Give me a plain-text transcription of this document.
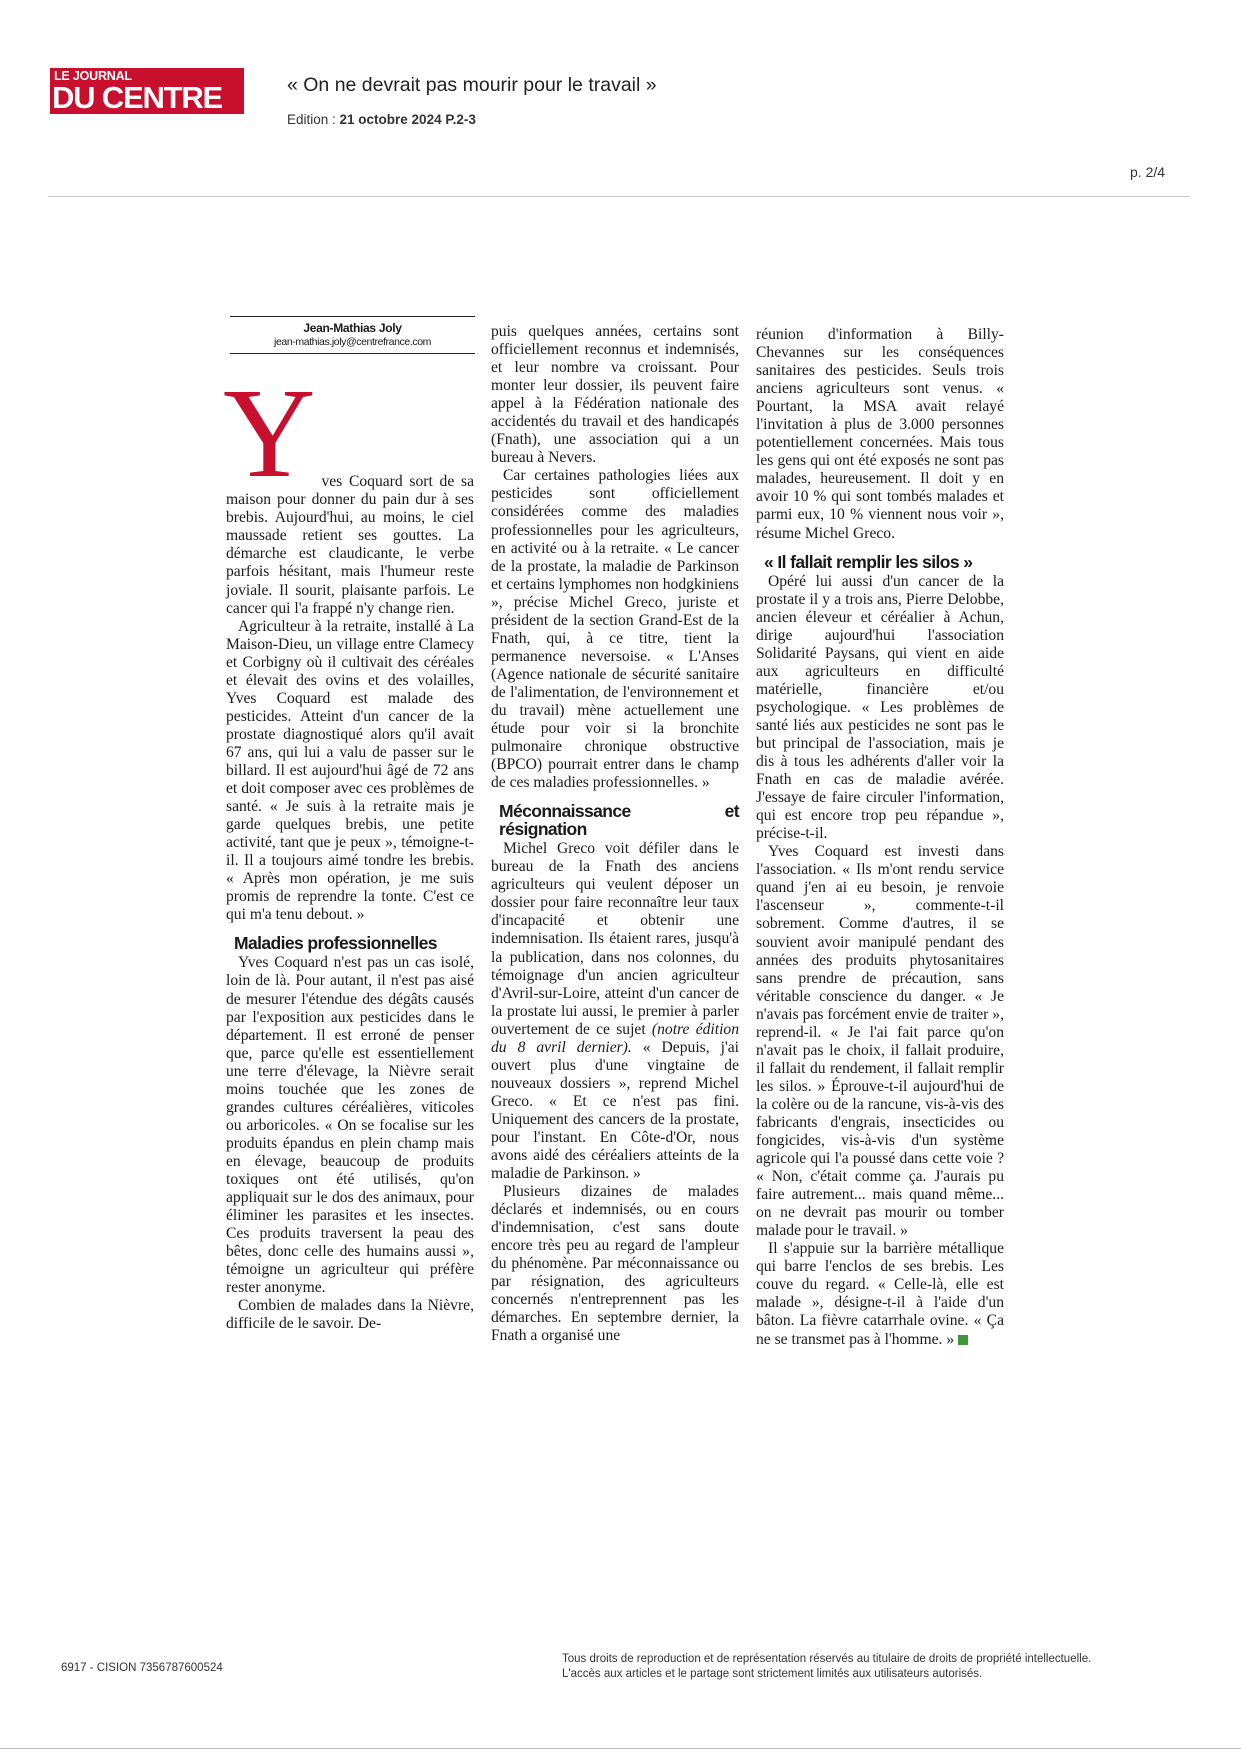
LE JOURNAL
DU CENTRE	« On ne devrait pas mourir pour le travail »
Edition : 21 octobre 2024 P.2-3
p. 2/4
Jean-Mathias Joly
jean-mathias.joly@centrefrance.com

Yves Coquard sort de sa maison pour donner du pain dur à ses brebis. Aujourd'hui, au moins, le ciel maussade retient ses gouttes. La démarche est claudicante, le verbe parfois hésitant, mais l'humeur reste joviale. Il sourit, plaisante parfois. Le cancer qui l'a frappé n'y change rien.

Agriculteur à la retraite, installé à La Maison-Dieu, un village entre Clamecy et Corbigny où il cultivait des céréales et élevait des ovins et des volailles, Yves Coquard est malade des pesticides. Atteint d'un cancer de la prostate diagnostiqué alors qu'il avait 67 ans, qui lui a valu de passer sur le billard. Il est aujourd'hui âgé de 72 ans et doit composer avec ces problèmes de santé. « Je suis à la retraite mais je garde quelques brebis, une petite activité, tant que je peux », témoigne-t-il. Il a toujours aimé tondre les brebis. « Après mon opération, je me suis promis de reprendre la tonte. C'est ce qui m'a tenu debout. »

Maladies professionnelles

Yves Coquard n'est pas un cas isolé, loin de là. Pour autant, il n'est pas aisé de mesurer l'étendue des dégâts causés par l'exposition aux pesticides dans le département. Il est erroné de penser que, parce qu'elle est essentiellement une terre d'élevage, la Nièvre serait moins touchée que les zones de grandes cultures céréalières, viticoles ou arboricoles. « On se focalise sur les produits épandus en plein champ mais en élevage, beaucoup de produits toxiques ont été utilisés, qu'on appliquait sur le dos des animaux, pour éliminer les parasites et les insectes. Ces produits traversent la peau des bêtes, donc celle des humains aussi », témoigne un agriculteur qui préfère rester anonyme.

Combien de malades dans la Nièvre, difficile de le savoir. De-

puis quelques années, certains sont officiellement reconnus et indemnisés, et leur nombre va croissant. Pour monter leur dossier, ils peuvent faire appel à la Fédération nationale des accidentés du travail et des handicapés (Fnath), une association qui a un bureau à Nevers.

Car certaines pathologies liées aux pesticides sont officiellement considérées comme des maladies professionnelles pour les agriculteurs, en activité ou à la retraite. « Le cancer de la prostate, la maladie de Parkinson et certains lymphomes non hodgkiniens », précise Michel Greco, juriste et président de la section Grand-Est de la Fnath, qui, à ce titre, tient la permanence neversoise. « L'Anses (Agence nationale de sécurité sanitaire de l'alimentation, de l'environnement et du travail) mène actuellement une étude pour voir si la bronchite pulmonaire chronique obstructive (BPCO) pourrait entrer dans le champ de ces maladies professionnelles. »

Méconnaissance et résignation

Michel Greco voit défiler dans le bureau de la Fnath des anciens agriculteurs qui veulent déposer un dossier pour faire reconnaître leur taux d'incapacité et obtenir une indemnisation. Ils étaient rares, jusqu'à la publication, dans nos colonnes, du témoignage d'un ancien agriculteur d'Avril-sur-Loire, atteint d'un cancer de la prostate lui aussi, le premier à parler ouvertement de ce sujet (notre édition du 8 avril dernier). « Depuis, j'ai ouvert plus d'une vingtaine de nouveaux dossiers », reprend Michel Greco. « Et ce n'est pas fini. Uniquement des cancers de la prostate, pour l'instant. En Côte-d'Or, nous avons aidé des céréaliers atteints de la maladie de Parkinson. »

Plusieurs dizaines de malades déclarés et indemnisés, ou en cours d'indemnisation, c'est sans doute encore très peu au regard de l'ampleur du phénomène. Par méconnaissance ou par résignation, des agriculteurs concernés n'entreprennent pas les démarches. En septembre dernier, la Fnath a organisé une

réunion d'information à Billy-Chevannes sur les conséquences sanitaires des pesticides. Seuls trois anciens agriculteurs sont venus. « Pourtant, la MSA avait relayé l'invitation à plus de 3.000 personnes potentiellement concernées. Mais tous les gens qui ont été exposés ne sont pas malades, heureusement. Il doit y en avoir 10 % qui sont tombés malades et parmi eux, 10 % viennent nous voir », résume Michel Greco.

« Il fallait remplir les silos »

Opéré lui aussi d'un cancer de la prostate il y a trois ans, Pierre Delobbe, ancien éleveur et céréalier à Achun, dirige aujourd'hui l'association Solidarité Paysans, qui vient en aide aux agriculteurs en difficulté matérielle, financière et/ou psychologique. « Les problèmes de santé liés aux pesticides ne sont pas le but principal de l'association, mais je dis à tous les adhérents d'aller voir la Fnath en cas de maladie avérée. J'essaye de faire circuler l'information, qui est encore trop peu répandue », précise-t-il.

Yves Coquard est investi dans l'association. « Ils m'ont rendu service quand j'en ai eu besoin, je renvoie l'ascenseur », commente-t-il sobrement. Comme d'autres, il se souvient avoir manipulé pendant des années des produits phytosanitaires sans prendre de précaution, sans véritable conscience du danger. « Je n'avais pas forcément envie de traiter », reprend-il. « Je l'ai fait parce qu'on n'avait pas le choix, il fallait produire, il fallait du rendement, il fallait remplir les silos. » Éprouve-t-il aujourd'hui de la colère ou de la rancune, vis-à-vis des fabricants d'engrais, insecticides ou fongicides, vis-à-vis d'un système agricole qui l'a poussé dans cette voie ? « Non, c'était comme ça. J'aurais pu faire autrement... mais quand même... on ne devrait pas mourir ou tomber malade pour le travail. »

Il s'appuie sur la barrière métallique qui barre l'enclos de ses brebis. Les couve du regard. « Celle-là, elle est malade », désigne-t-il à l'aide d'un bâton. La fièvre catarrhale ovine. « Ça ne se transmet pas à l'homme. »

6917 - CISION 7356787600524
Tous droits de reproduction et de représentation réservés au titulaire de droits de propriété intellectuelle.
L'accès aux articles et le partage sont strictement limités aux utilisateurs autorisés.
